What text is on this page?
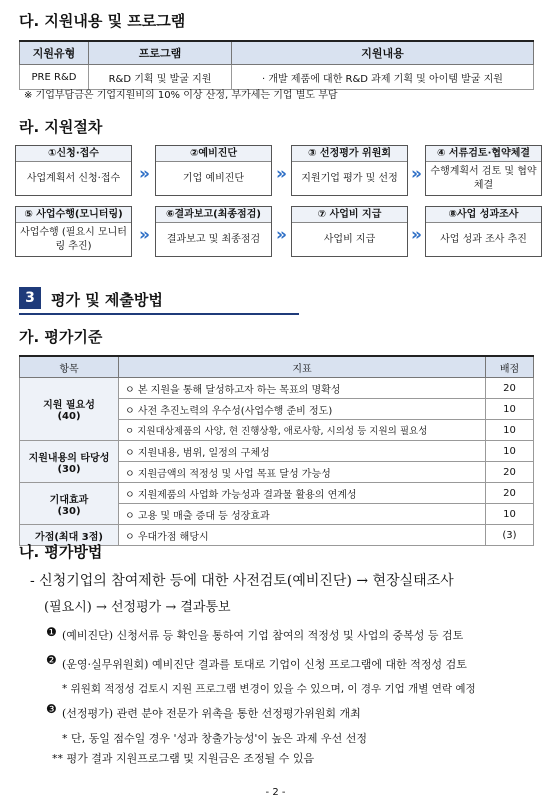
다. 지원내용 및 프로그램
지원유형	프로그램	지원내용
PRE R&D	R&D 기획 및 발굴 지원	· 개발 제품에 대한 R&D 과제 기획 및 아이템 발굴 지원
※ 기업부담금은 기업지원비의 10% 이상 산정, 부가세는 기업 별도 부담
라. 지원절차
①신청·접수
사업계획서 신청·접수	»
②예비진단
기업 예비진단	»
③ 선정평가 위원회
지원기업 평가 및 선정 »
④ 서류검토·협약체결
수행계획서 검토 및 협약체결
⑤ 사업수행(모니터링)
사업수행 (필요시 모니터링 추진)
»
⑥결과보고(최종점검)
결과보고 및 최종점검 »
⑦ 사업비 지급
사업비 지급	»
⑧사업 성과조사
사업 성과 조사 추진
3	평가 및 제출방법
가. 평가기준
항목	지표	배점

지원 필요성
(40)	ㅇ 본 지원을 통해 달성하고자 하는 목표의 명확성	20
	ㅇ 사전 추진노력의 우수성(사업수행 준비 정도)	10
	ㅇ 지원대상제품의 사양, 현 진행상황, 애로사항, 시의성 등 지원의 필요성	10

지원내용의 타당성
(30)	ㅇ 지원내용, 범위, 일정의 구체성	10
	ㅇ 지원금액의 적정성 및 사업 목표 달성 가능성	20

기대효과
(30)	ㅇ 지원제품의 사업화 가능성과 결과물 활용의 연계성	20
	ㅇ 고용 및 매출 증대 등 성장효과	10

가점(최대 3점)	ㅇ 우대가점 해당시	(3)
나. 평가방법
- 신청기업의 참여제한 등에 대한 사전검토(예비진단) → 현장실태조사
(필요시) → 선정평가 → 결과통보
❶ (예비진단) 신청서류 등 확인을 통하여 기업 참여의 적정성 및 사업의 중복성 등 검토
❷ (운영·실무위원회) 예비진단 결과를 토대로 기업이 신청 프로그램에 대한 적정성 검토
* 위원회 적정성 검토시 지원 프로그램 변경이 있을 수 있으며, 이 경우 기업 개별 연락 예정
❸ (선정평가) 관련 분야 전문가 위촉을 통한 선정평가위원회 개최
* 단, 동일 점수일 경우 '성과 창출가능성'이 높은 과제 우선 선정
** 평가 결과 지원프로그램 및 지원금은 조정될 수 있음
- 2 -
